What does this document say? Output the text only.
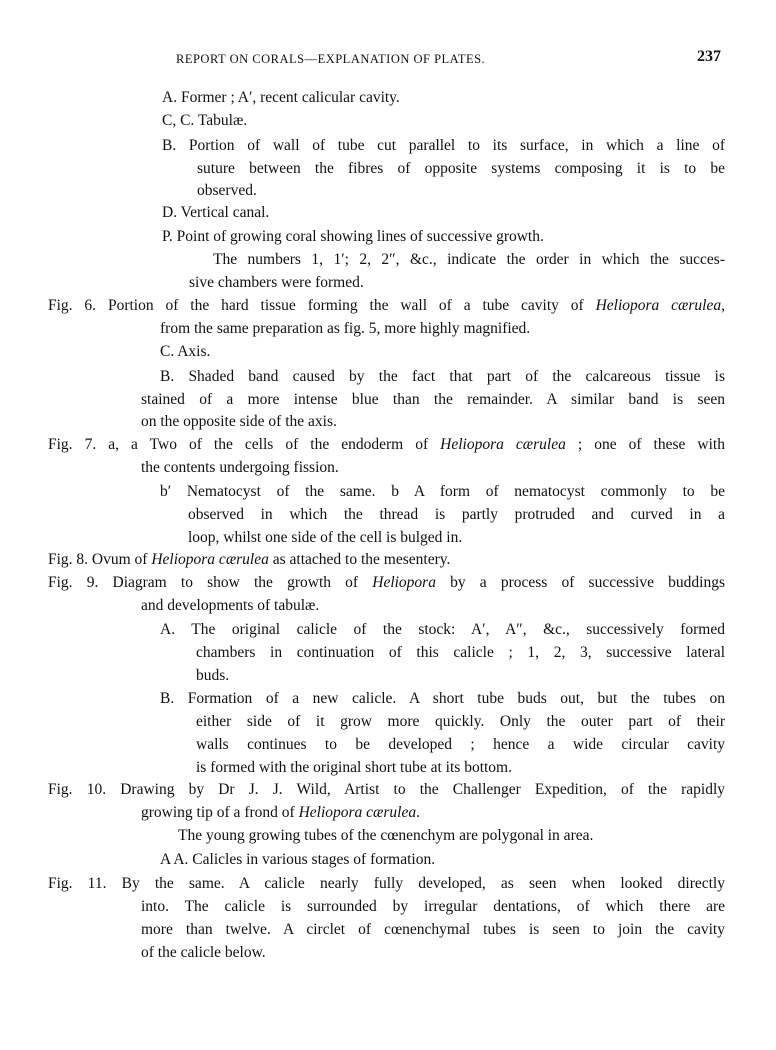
REPORT ON CORALS—EXPLANATION OF PLATES.	237
A. Former ; A′, recent calicular cavity.
C, C. Tabulæ.
B. Portion of wall of tube cut parallel to its surface, in which a line of
suture between the fibres of opposite systems composing it is to be
observed.
D. Vertical canal.
P. Point of growing coral showing lines of successive growth.
The numbers 1, 1′; 2, 2″, &c., indicate the order in which the succes-
sive chambers were formed.
Fig. 6. Portion of the hard tissue forming the wall of a tube cavity of Heliopora cærulea,
from the same preparation as fig. 5, more highly magnified.
C. Axis.
B. Shaded band caused by the fact that part of the calcareous tissue is
stained of a more intense blue than the remainder. A similar band is seen
on the opposite side of the axis.
Fig. 7. a, a Two of the cells of the endoderm of Heliopora cærulea ; one of these with
the contents undergoing fission.
b′ Nematocyst of the same. b A form of nematocyst commonly to be
observed in which the thread is partly protruded and curved in a
loop, whilst one side of the cell is bulged in.
Fig. 8. Ovum of Heliopora cærulea as attached to the mesentery.
Fig. 9. Diagram to show the growth of Heliopora by a process of successive buddings
and developments of tabulæ.
A. The original calicle of the stock: A′, A″, &c., successively formed
chambers in continuation of this calicle ; 1, 2, 3, successive lateral
buds.
B. Formation of a new calicle. A short tube buds out, but the tubes on
either side of it grow more quickly. Only the outer part of their
walls continues to be developed ; hence a wide circular cavity
is formed with the original short tube at its bottom.
Fig. 10. Drawing by Dr J. J. Wild, Artist to the Challenger Expedition, of the rapidly
growing tip of a frond of Heliopora cærulea.
The young growing tubes of the cœnenchym are polygonal in area.
A A. Calicles in various stages of formation.
Fig. 11. By the same. A calicle nearly fully developed, as seen when looked directly
into. The calicle is surrounded by irregular dentations, of which there are
more than twelve. A circlet of cœnenchymal tubes is seen to join the cavity
of the calicle below.
